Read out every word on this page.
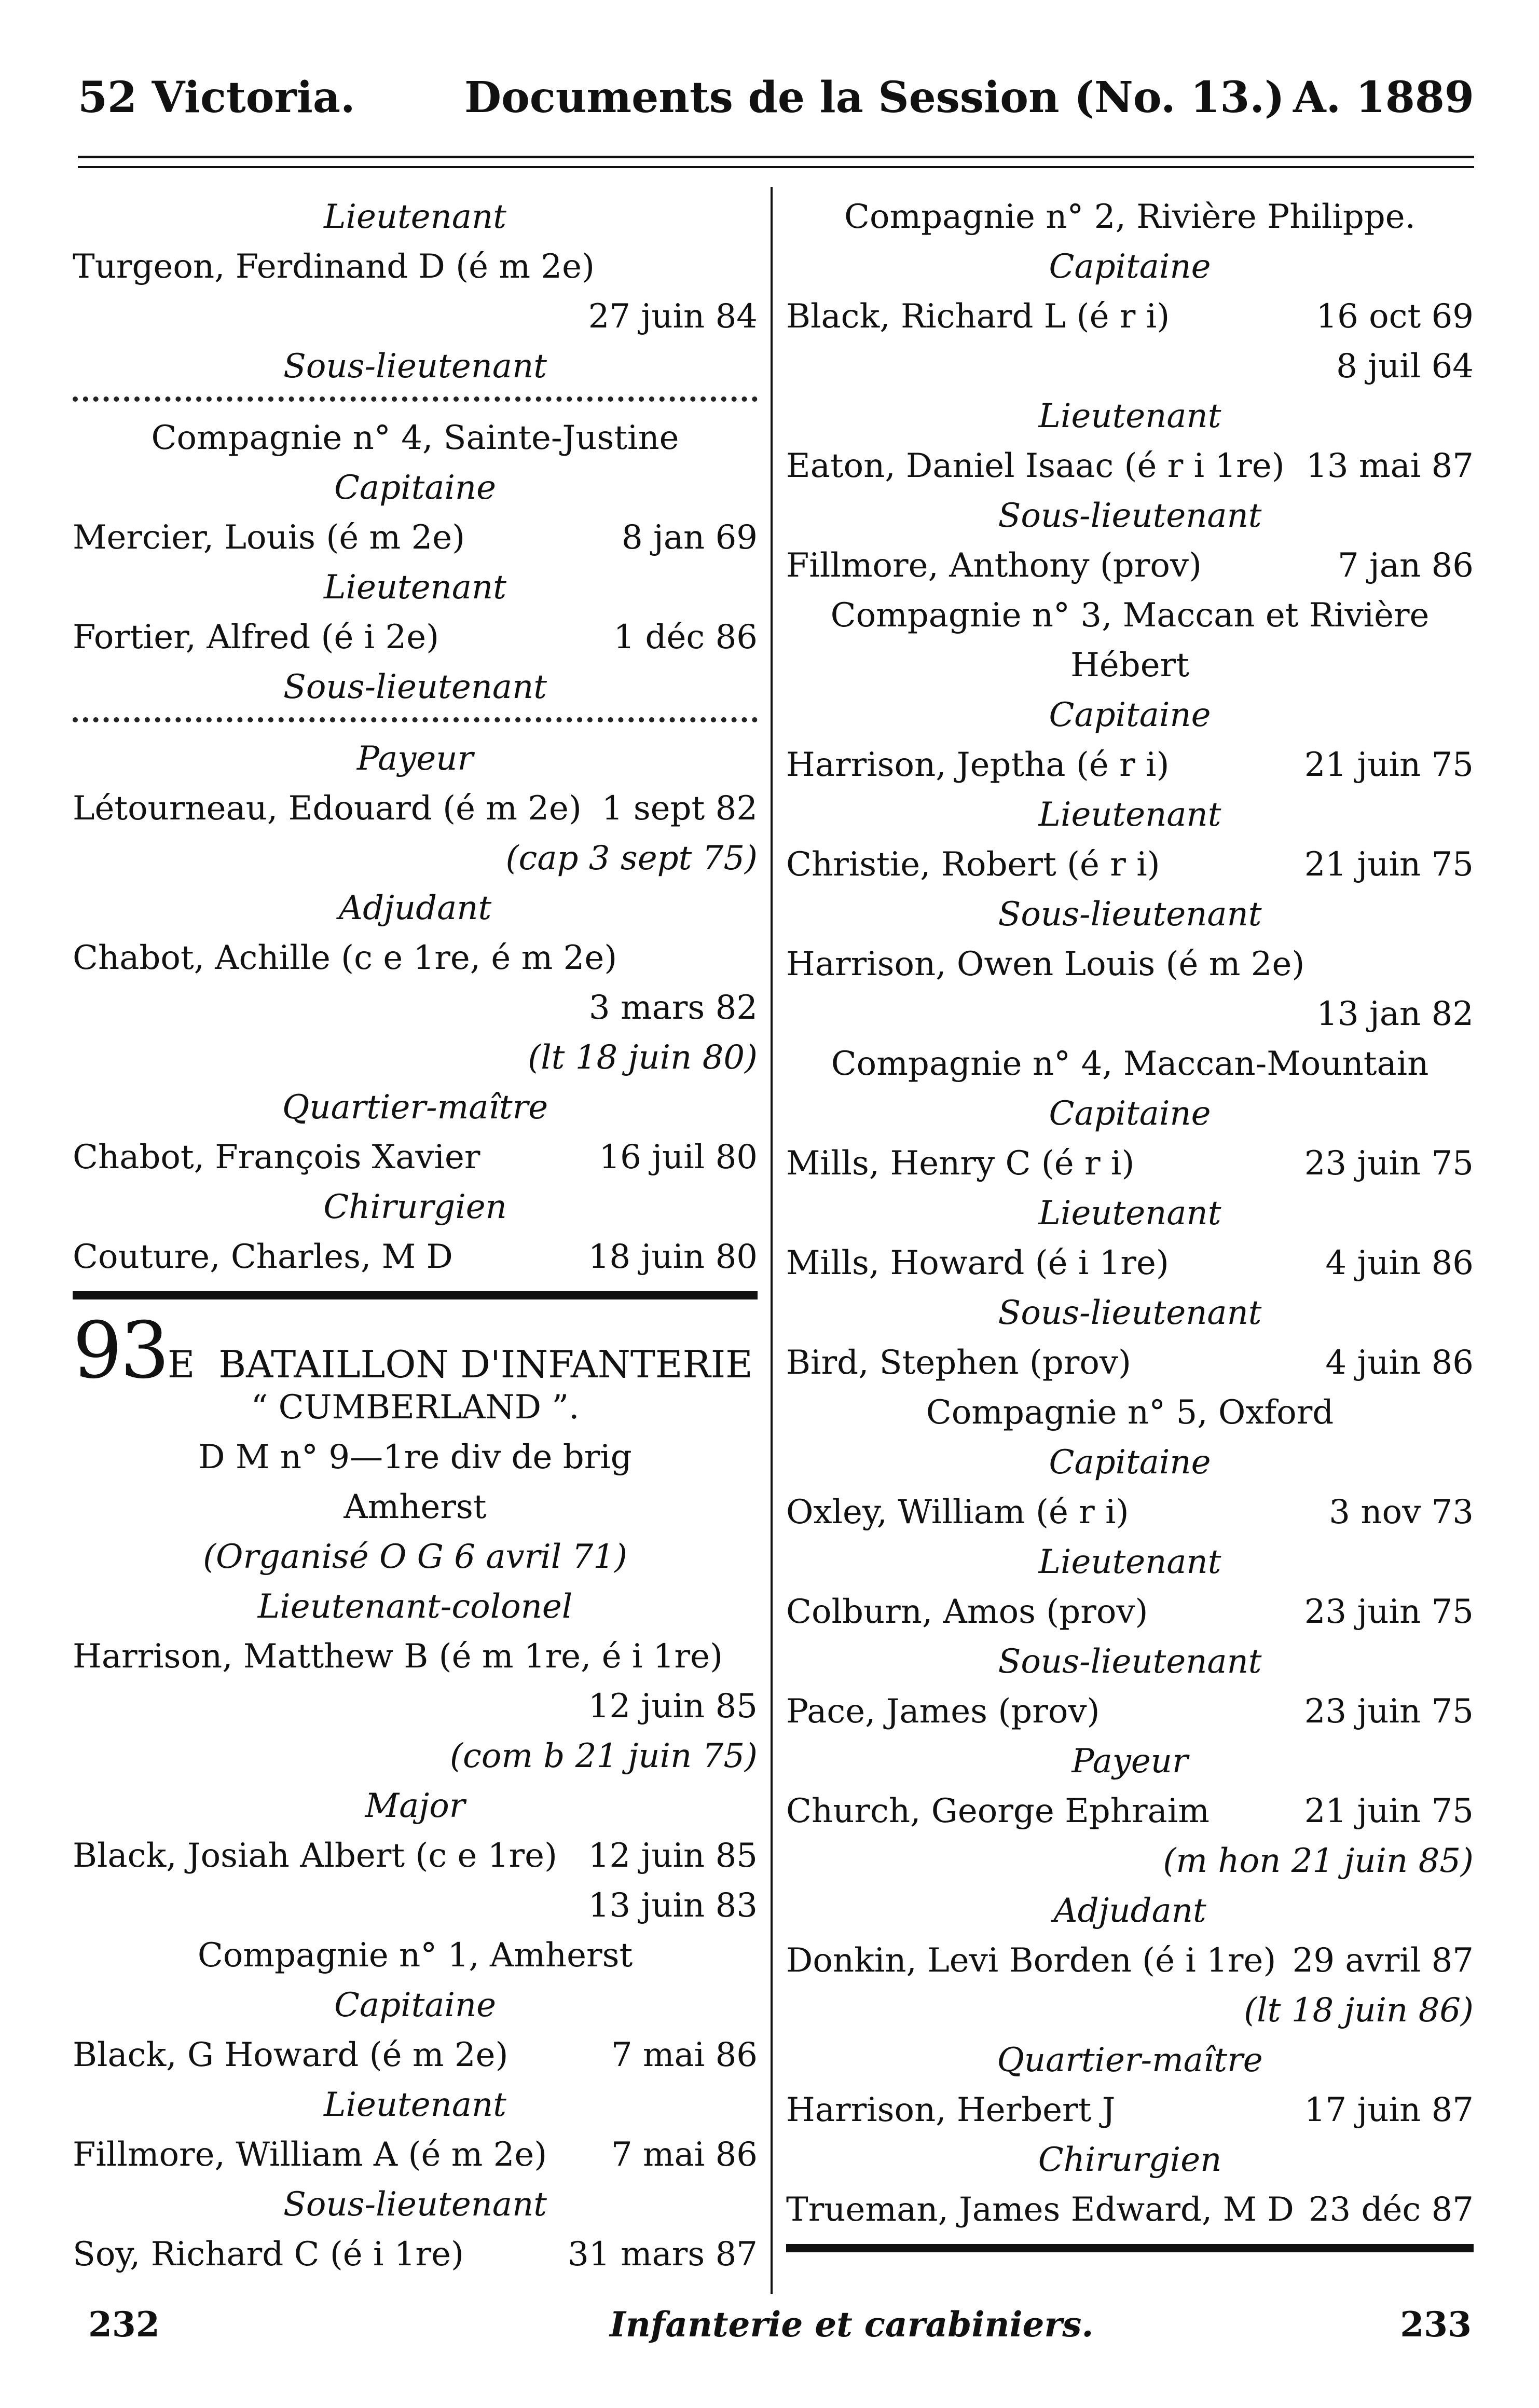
52 Victoria.	Documents de la Session (No. 13.) A. 1889
Lieutenant
Turgeon, Ferdinand D (é m 2e)
27 juin 84
Sous-lieutenant
Compagnie n° 4, Sainte-Justine
Capitaine
Mercier, Louis (é m 2e)	8 jan 69
Lieutenant
Fortier, Alfred (é i 2e)	1 déc 86
Sous-lieutenant
Payeur
Létourneau, Edouard (é m 2e) 1 sept 82
(cap 3 sept 75)
Adjudant
Chabot, Achille (c e 1re, é m 2e)
3 mars 82
(lt 18 juin 80)
Quartier-maître
Chabot, François Xavier	16 juil 80
Chirurgien
Couture, Charles, M D	18 juin 80
93E BATAILLON D'INFANTERIE
“ CUMBERLAND ”.
D M n° 9—1re div de brig
Amherst
(Organisé O G 6 avril 71)
Lieutenant-colonel
Harrison, Matthew B (é m 1re, é i 1re)
12 juin 85
(com b 21 juin 75)
Major
Black, Josiah Albert (c e 1re) 12 juin 85
13 juin 83
Compagnie n° 1, Amherst
Capitaine
Black, G Howard (é m 2e)	7 mai 86
Lieutenant
Fillmore, William A (é m 2e) 7 mai 86
Sous-lieutenant
Soy, Richard C (é i 1re)	31 mars 87
Compagnie n° 2, Rivière Philippe.
Capitaine
Black, Richard L (é r i)	16 oct 69
8 juil 64
Lieutenant
Eaton, Daniel Isaac (é r i 1re) 13 mai 87
Sous-lieutenant
Fillmore, Anthony (prov)	7 jan 86
Compagnie n° 3, Maccan et Rivière
Hébert
Capitaine
Harrison, Jeptha (é r i)	21 juin 75
Lieutenant
Christie, Robert (é r i)	21 juin 75
Sous-lieutenant
Harrison, Owen Louis (é m 2e)
13 jan 82
Compagnie n° 4, Maccan-Mountain
Capitaine
Mills, Henry C (é r i)	23 juin 75
Lieutenant
Mills, Howard (é i 1re)	4 juin 86
Sous-lieutenant
Bird, Stephen (prov)	4 juin 86
Compagnie n° 5, Oxford
Capitaine
Oxley, William (é r i)	3 nov 73
Lieutenant
Colburn, Amos (prov)	23 juin 75
Sous-lieutenant
Pace, James (prov)	23 juin 75
Payeur
Church, George Ephraim	21 juin 75
(m hon 21 juin 85)
Adjudant
Donkin, Levi Borden (é i 1re) 29 avril 87
(lt 18 juin 86)
Quartier-maître
Harrison, Herbert J	17 juin 87
Chirurgien
Trueman, James Edward, M D 23 déc 87
232	Infanterie et carabiniers.	233
